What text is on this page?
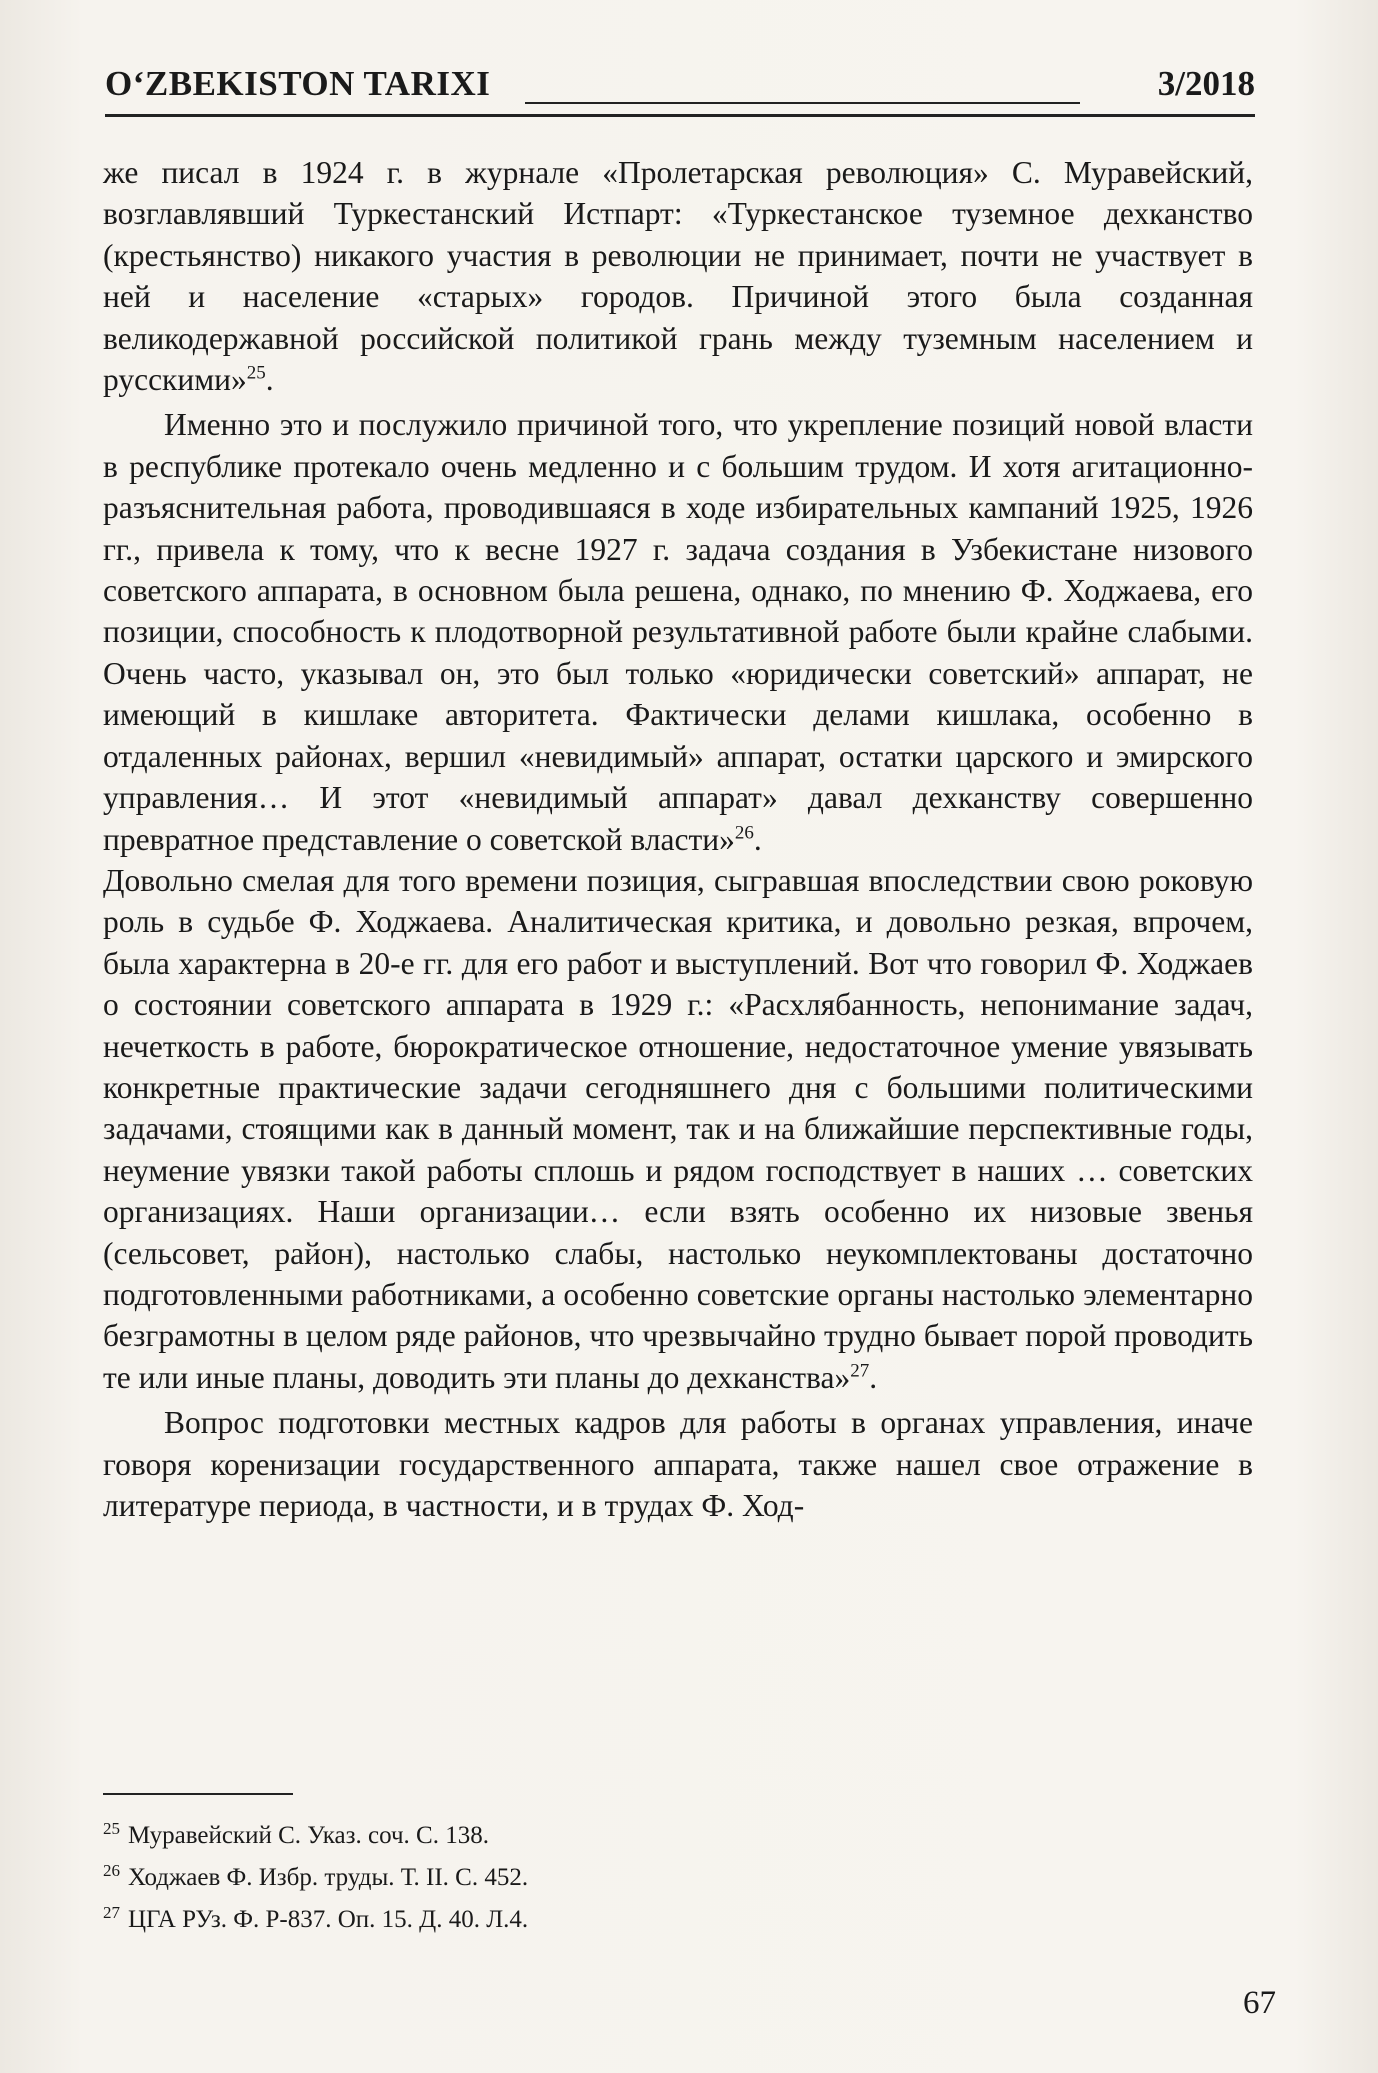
O‘ZBEKISTON TARIXI	3/2018

же писал в 1924 г. в журнале «Пролетарская революция» С. Муравейский, возглавлявший Туркестанский Истпарт: «Туркестанское туземное дехканство (крестьянство) никакого участия в революции не принимает, почти не участвует в ней и население «старых» городов. Причиной этого была созданная великодержавной российской политикой грань между туземным населением и русскими»$^{25}$.

Именно это и послужило причиной того, что укрепление позиций новой власти в республике протекало очень медленно и с большим трудом. И хотя агитационно-разъяснительная работа, проводившаяся в ходе избирательных кампаний 1925, 1926 гг., привела к тому, что к весне 1927 г. задача создания в Узбекистане низового советского аппарата, в основном была решена, однако, по мнению Ф. Ходжаева, его позиции, способность к плодотворной результативной работе были крайне слабыми. Очень часто, указывал он, это был только «юридически советский» аппарат, не имеющий в кишлаке авторитета. Фактически делами кишлака, особенно в отдаленных районах, вершил «невидимый» аппарат, остатки царского и эмирского управления… И этот «невидимый аппарат» давал дехканству совершенно превратное представление о советской власти»$^{26}$.

Довольно смелая для того времени позиция, сыгравшая впоследствии свою роковую роль в судьбе Ф. Ходжаева. Аналитическая критика, и довольно резкая, впрочем, была характерна в 20-е гг. для его работ и выступлений. Вот что говорил Ф. Ходжаев о состоянии советского аппарата в 1929 г.: «Расхлябанность, непонимание задач, нечеткость в работе, бюрократическое отношение, недостаточное умение увязывать конкретные практические задачи сегодняшнего дня с большими политическими задачами, стоящими как в данный момент, так и на ближайшие перспективные годы, неумение увязки такой работы сплошь и рядом господствует в наших … советских организациях. Наши организации… если взять особенно их низовые звенья (сельсовет, район), настолько слабы, настолько неукомплектованы достаточно подготовленными работниками, а особенно советские органы настолько элементарно безграмотны в целом ряде районов, что чрезвычайно трудно бывает порой проводить те или иные планы, доводить эти планы до дехканства»$^{27}$.

Вопрос подготовки местных кадров для работы в органах управления, иначе говоря коренизации государственного аппарата, также нашел свое отражение в литературе периода, в частности, и в трудах Ф. Ход-

$^{25}$ Муравейский С. Указ. соч. С. 138.

$^{26}$ Ходжаев Ф. Избр. труды. Т. II. С. 452.

$^{27}$ ЦГА РУз. Ф. Р-837. Оп. 15. Д. 40. Л.4.

67
